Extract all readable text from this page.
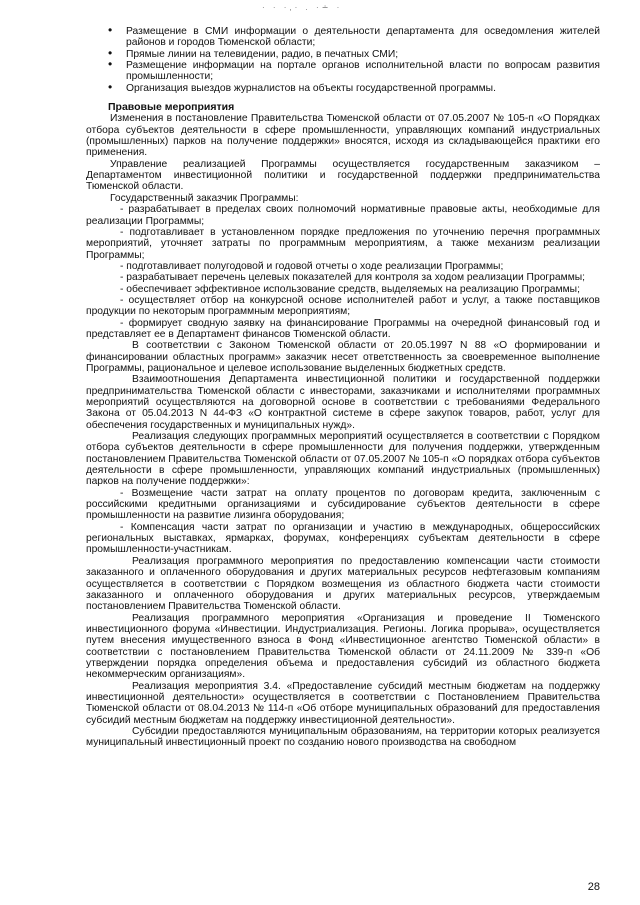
· · ·,· . ·∸ ·
• Размещение в СМИ информации о деятельности департамента для осведомления жителей районов и городов Тюменской области;
• Прямые линии на телевидении, радио, в печатных СМИ;
• Размещение информации на портале органов исполнительной власти по вопросам развития промышленности;
• Организация выездов журналистов на объекты государственной программы.
Правовые мероприятия

Изменения в постановление Правительства Тюменской области от 07.05.2007 № 105-п «О Порядках отбора субъектов деятельности в сфере промышленности, управляющих компаний индустриальных (промышленных) парков на получение поддержки» вносятся, исходя из складывающейся практики его применения.

Управление реализацией Программы осуществляется государственным заказчиком – Департаментом инвестиционной политики и государственной поддержки предпринимательства Тюменской области.

Государственный заказчик Программы:

- разрабатывает в пределах своих полномочий нормативные правовые акты, необходимые для реализации Программы;

- подготавливает в установленном порядке предложения по уточнению перечня программных мероприятий, уточняет затраты по программным мероприятиям, а также механизм реализации Программы;

- подготавливает полугодовой и годовой отчеты о ходе реализации Программы;

- разрабатывает перечень целевых показателей для контроля за ходом реализации Программы;

- обеспечивает эффективное использование средств, выделяемых на реализацию Программы;

- осуществляет отбор на конкурсной основе исполнителей работ и услуг, а также поставщиков продукции по некоторым программным мероприятиям;

- формирует сводную заявку на финансирование Программы на очередной финансовый год и представляет ее в Департамент финансов Тюменской области.

В соответствии с Законом Тюменской области от 20.05.1997 N 88 «О формировании и финансировании областных программ» заказчик несет ответственность за своевременное выполнение Программы, рациональное и целевое использование выделенных бюджетных средств.

Взаимоотношения Департамента инвестиционной политики и государственной поддержки предпринимательства Тюменской области с инвесторами, заказчиками и исполнителями программных мероприятий осуществляются на договорной основе в соответствии с требованиями Федерального Закона от 05.04.2013 N 44-ФЗ «О контрактной системе в сфере закупок товаров, работ, услуг для обеспечения государственных и муниципальных нужд».

Реализация следующих программных мероприятий осуществляется в соответствии с Порядком отбора субъектов деятельности в сфере промышленности для получения поддержки, утвержденным постановлением Правительства Тюменской области от 07.05.2007 № 105-п «О порядках отбора субъектов деятельности в сфере промышленности, управляющих компаний индустриальных (промышленных) парков на получение поддержки»:

- Возмещение части затрат на оплату процентов по договорам кредита, заключенным с российскими кредитными организациями и субсидирование субъектов деятельности в сфере промышленности на развитие лизинга оборудования;

- Компенсация части затрат по организации и участию в международных, общероссийских региональных выставках, ярмарках, форумах, конференциях субъектам деятельности в сфере промышленности-участникам.

Реализация программного мероприятия по предоставлению компенсации части стоимости заказанного и оплаченного оборудования и других материальных ресурсов нефтегазовым компаниям осуществляется в соответствии с Порядком возмещения из областного бюджета части стоимости заказанного и оплаченного оборудования и других материальных ресурсов, утверждаемым постановлением Правительства Тюменской области.

Реализация программного мероприятия «Организация и проведение II Тюменского инвестиционного форума «Инвестиции. Индустриализация. Регионы. Логика прорыва», осуществляется путем внесения имущественного взноса в Фонд «Инвестиционное агентство Тюменской области» в соответствии с постановлением Правительства Тюменской области от 24.11.2009 № 339-п «Об утверждении порядка определения объема и предоставления субсидий из областного бюджета некоммерческим организациям».

Реализация мероприятия 3.4. «Предоставление субсидий местным бюджетам на поддержку инвестиционной деятельности» осуществляется в соответствии с Постановлением Правительства Тюменской области от 08.04.2013 № 114-п «Об отборе муниципальных образований для предоставления субсидий местным бюджетам на поддержку инвестиционной деятельности».

Субсидии предоставляются муниципальным образованиям, на территории которых реализуется муниципальный инвестиционный проект по созданию нового производства на свободном

28
